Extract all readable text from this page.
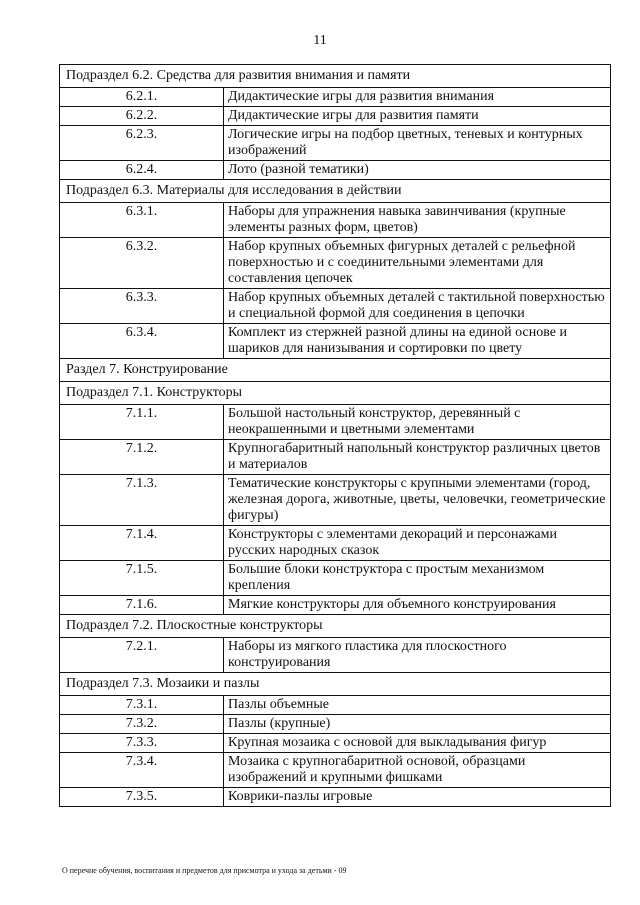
11
Подраздел 6.2. Средства для развития внимания и памяти	
6.2.1.	Дидактические игры для развития внимания
6.2.2.	Дидактические игры для развития памяти
6.2.3.	Логические игры на подбор цветных, теневых и контурных изображений
6.2.4.	Лото (разной тематики)
Подраздел 6.3. Материалы для исследования в действии	
6.3.1.	Наборы для упражнения навыка завинчивания (крупные элементы разных форм, цветов)
6.3.2.	Набор крупных объемных фигурных деталей с рельефной поверхностью и с соединительными элементами для составления цепочек
6.3.3.	Набор крупных объемных деталей с тактильной поверхностью и специальной формой для соединения в цепочки
6.3.4.	Комплект из стержней разной длины на единой основе и шариков для нанизывания и сортировки по цвету
Раздел 7. Конструирование	
Подраздел 7.1. Конструкторы	
7.1.1.	Большой настольный конструктор, деревянный с неокрашенными и цветными элементами
7.1.2.	Крупногабаритный напольный конструктор различных цветов и материалов
7.1.3.	Тематические конструкторы с крупными элементами (город, железная дорога, животные, цветы, человечки, геометрические фигуры)
7.1.4.	Конструкторы с элементами декораций и персонажами русских народных сказок
7.1.5.	Большие блоки конструктора с простым механизмом крепления
7.1.6.	Мягкие конструкторы для объемного конструирования
Подраздел 7.2. Плоскостные конструкторы	
7.2.1.	Наборы из мягкого пластика для плоскостного конструирования
Подраздел 7.3. Мозаики и пазлы	
7.3.1.	Пазлы объемные
7.3.2.	Пазлы (крупные)
7.3.3.	Крупная мозаика с основой для выкладывания фигур
7.3.4.	Мозаика с крупногабаритной основой, образцами изображений и крупными фишками
7.3.5.	Коврики-пазлы игровые
О перечне обучения, воспитания и предметов для присмотра и ухода за детьми - 09
